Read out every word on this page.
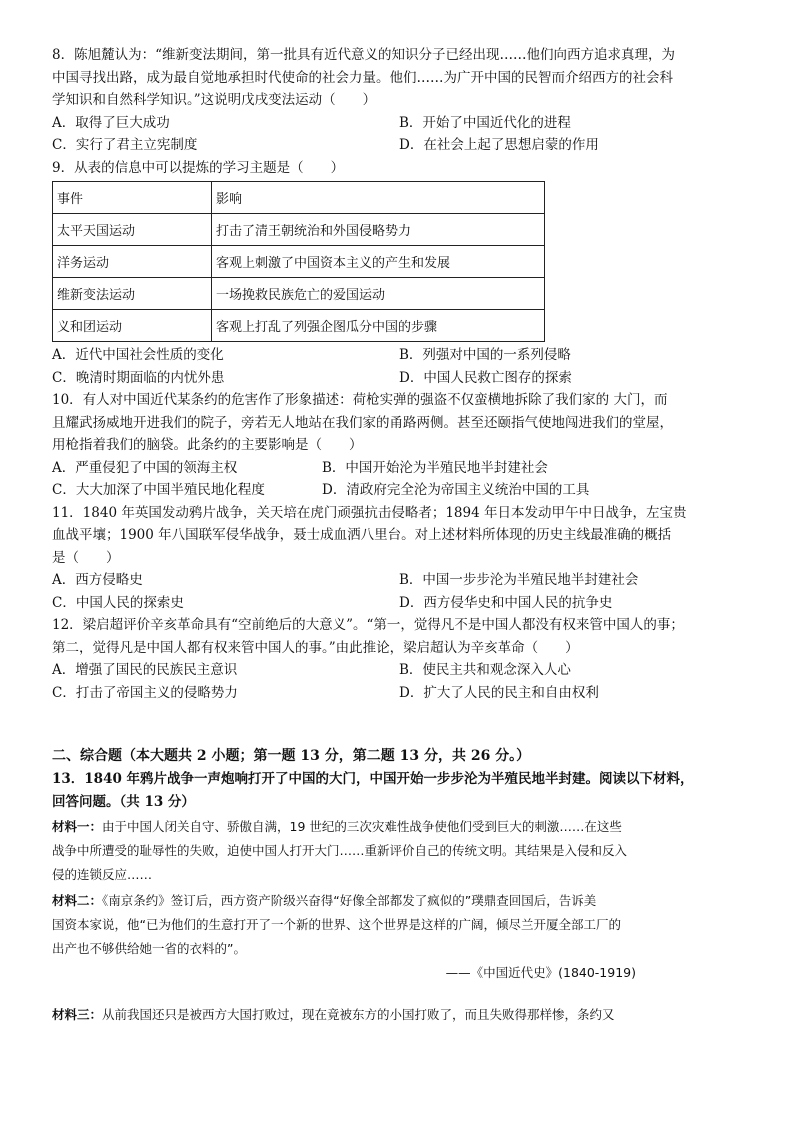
8．陈旭麓认为：“维新变法期间，第一批具有近代意义的知识分子已经出现……他们向西方追求真理，为

中国寻找出路，成为最自觉地承担时代使命的社会力量。他们……为广开中国的民智而介绍西方的社会科

学知识和自然科学知识。”这说明戊戌变法运动（　　）

A．取得了巨大成功	B．开始了中国近代化的进程
C．实行了君主立宪制度	D．在社会上起了思想启蒙的作用

9．从表的信息中可以提炼的学习主题是（　　）

事件	影响
太平天国运动	打击了清王朝统治和外国侵略势力
洋务运动	客观上刺激了中国资本主义的产生和发展
维新变法运动	一场挽救民族危亡的爱国运动
义和团运动	客观上打乱了列强企图瓜分中国的步骤
A．近代中国社会性质的变化	B．列强对中国的一系列侵略
C．晚清时期面临的内忧外患	D．中国人民救亡图存的探索

10．有人对中国近代某条约的危害作了形象描述：荷枪实弹的强盗不仅蛮横地拆除了我们家的 大门，而

且耀武扬威地开进我们的院子，旁若无人地站在我们家的甬路两侧。甚至还颐指气使地闯进我们的堂屋，

用枪指着我们的脑袋。此条约的主要影响是（　　）

A．严重侵犯了中国的领海主权	B．中国开始沦为半殖民地半封建社会
C．大大加深了中国半殖民地化程度	D．清政府完全沦为帝国主义统治中国的工具

11．1840 年英国发动鸦片战争，关天培在虎门顽强抗击侵略者；1894 年日本发动甲午中日战争，左宝贵

血战平壤；1900 年八国联军侵华战争，聂士成血洒八里台。对上述材料所体现的历史主线最准确的概括

是（　　）

A．西方侵略史	B．中国一步步沦为半殖民地半封建社会
C．中国人民的探索史	D．西方侵华史和中国人民的抗争史

12．梁启超评价辛亥革命具有“空前绝后的大意义”。“第一，觉得凡不是中国人都没有权来管中国人的事；

第二，觉得凡是中国人都有权来管中国人的事。”由此推论，梁启超认为辛亥革命（　　）

A．增强了国民的民族民主意识	B．使民主共和观念深入人心
C．打击了帝国主义的侵略势力	D．扩大了人民的民主和自由权利

二、综合题（本大题共 2 小题；第一题 13 分，第二题 13 分，共 26 分。）

13．1840 年鸦片战争一声炮响打开了中国的大门，中国开始一步步沦为半殖民地半封建。阅读以下材料，

回答问题。（共 13 分）

材料一：由于中国人闭关自守、骄傲自满，19 世纪的三次灾难性战争使他们受到巨大的刺激……在这些
战争中所遭受的耻辱性的失败，迫使中国人打开大门……重新评价自己的传统文明。其结果是入侵和反入
侵的连锁反应……
材料二：《南京条约》签订后，西方资产阶级兴奋得“好像全部都发了疯似的”璞鼎查回国后，告诉美
国资本家说，他“已为他们的生意打开了一个新的世界、这个世界是这样的广阔，倾尽兰开厦全部工厂的
出产也不够供给她一省的衣料的”。
——《中国近代史》(1840-1919)
材料三：从前我国还只是被西方大国打败过，现在竟被东方的小国打败了，而且失败得那样惨，条约又
